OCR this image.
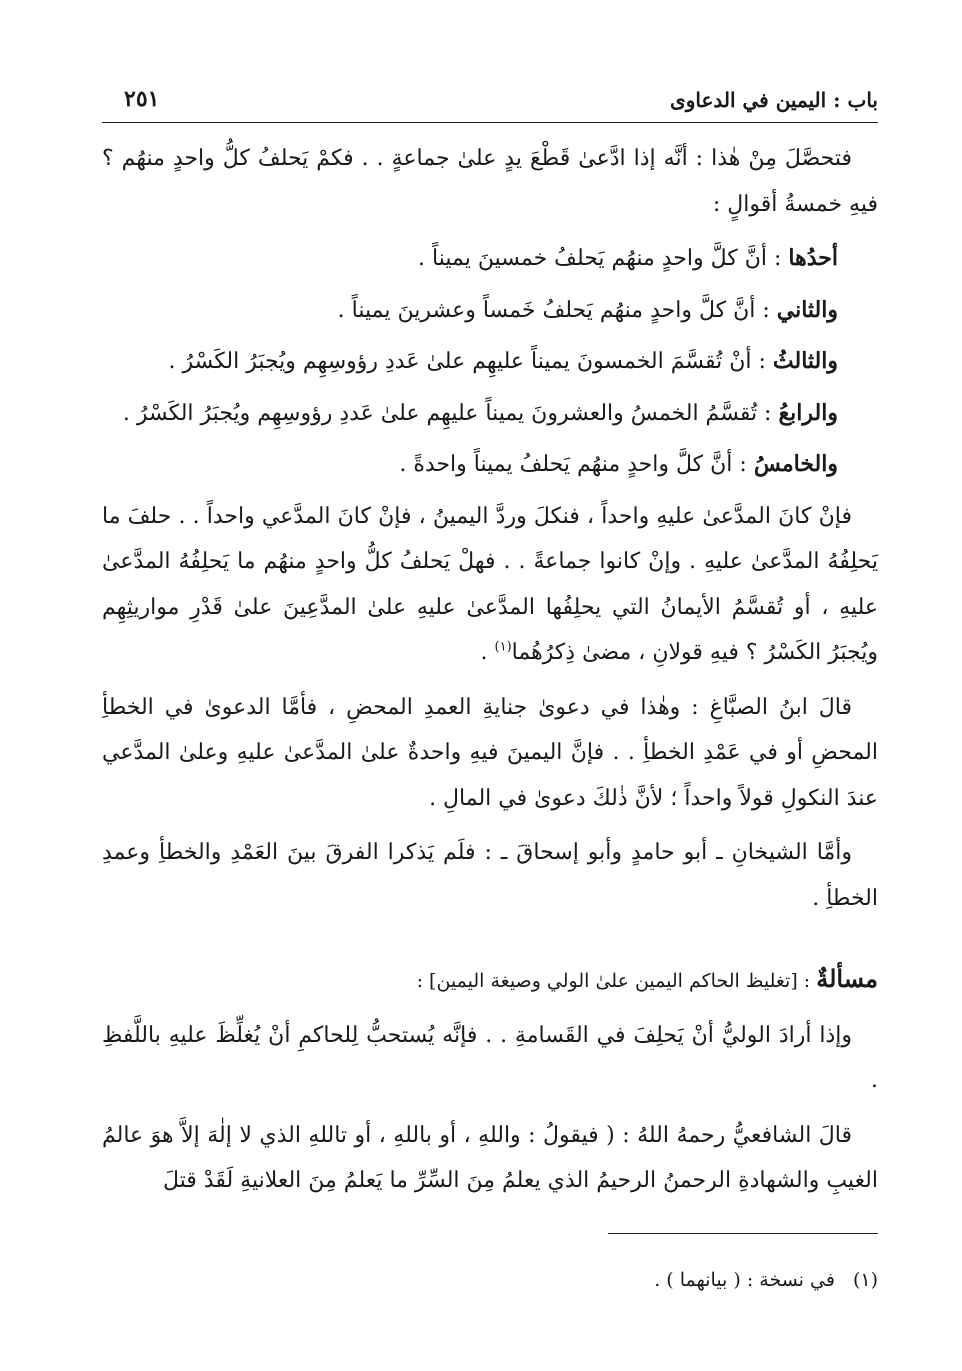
باب : اليمين في الدعاوى
٢٥١

فتحصَّلَ مِنْ هٰذا : أنَّه إذا ادَّعىٰ قَطْعَ يدٍ علىٰ جماعةٍ . . فكمْ يَحلفُ كلُّ واحدٍ منهُم ؟ فيهِ خمسةُ أقوالٍ :

أحدُها : أنَّ كلَّ واحدٍ منهُم يَحلفُ خمسينَ يميناً .

والثاني : أنَّ كلَّ واحدٍ منهُم يَحلفُ خَمساً وعشرينَ يميناً .

والثالثُ : أنْ تُقسَّمَ الخمسونَ يميناً عليهِم علىٰ عَددِ رؤوسِهِم ويُجبَرُ الكَسْرُ .

والرابعُ : تُقسَّمُ الخمسُ والعشرونَ يميناً عليهِم علىٰ عَددِ رؤوسِهِم ويُجبَرُ الكَسْرُ .

والخامسُ : أنَّ كلَّ واحدٍ منهُم يَحلفُ يميناً واحدةً .

فإنْ كانَ المدَّعىٰ عليهِ واحداً ، فنكلَ وردَّ اليمينُ ، فإنْ كانَ المدَّعي واحداً . . حلفَ ما يَحلِفُهُ المدَّعىٰ عليهِ . وإنْ كانوا جماعةً . . فهلْ يَحلفُ كلُّ واحدٍ منهُم ما يَحلِفُهُ المدَّعىٰ عليهِ ، أو تُقسَّمُ الأيمانُ التي يحلِفُها المدَّعىٰ عليهِ علىٰ المدَّعِينَ علىٰ قَدْرِ مواريثِهِم ويُجبَرُ الكَسْرُ ؟ فيهِ قولانِ ، مضىٰ ذِكرُهُما$^{(١)}$ .

قالَ ابنُ الصبَّاغِ : وهٰذا في دعوىٰ جنايةِ العمدِ المحضِ ، فأمَّا الدعوىٰ في الخطأِ المحضِ أو في عَمْدِ الخطأِ . . فإنَّ اليمينَ فيهِ واحدةٌ علىٰ المدَّعىٰ عليهِ وعلىٰ المدَّعي عندَ النكولِ قولاً واحداً ؛ لأنَّ ذٰلكَ دعوىٰ في المالِ .

وأمَّا الشيخانِ ـ أبو حامدٍ وأبو إسحاقَ ـ : فلَم يَذكرا الفرقَ بينَ العَمْدِ والخطأِ وعمدِ الخطأِ .

مسألةٌ : [تغليظ الحاكم اليمين علىٰ الولي وصيغة اليمين] :

وإذا أرادَ الوليُّ أنْ يَحلِفَ في القَسامةِ . . فإنَّه يُستحبُّ لِلحاكمِ أنْ يُغلِّظَ عليهِ باللَّفظِ .

قالَ الشافعيُّ رحمهُ اللهُ : ( فيقولُ : واللهِ ، أو باللهِ ، أو تاللهِ الذي لا إلٰهَ إلاَّ هوَ عالمُ الغيبِ والشهادةِ الرحمنُ الرحيمُ الذي يعلمُ مِنَ السِّرِّ ما يَعلمُ مِنَ العلانيةِ لَقَدْ قتلَ

(١)في نسخة : ( بيانهما ) .
